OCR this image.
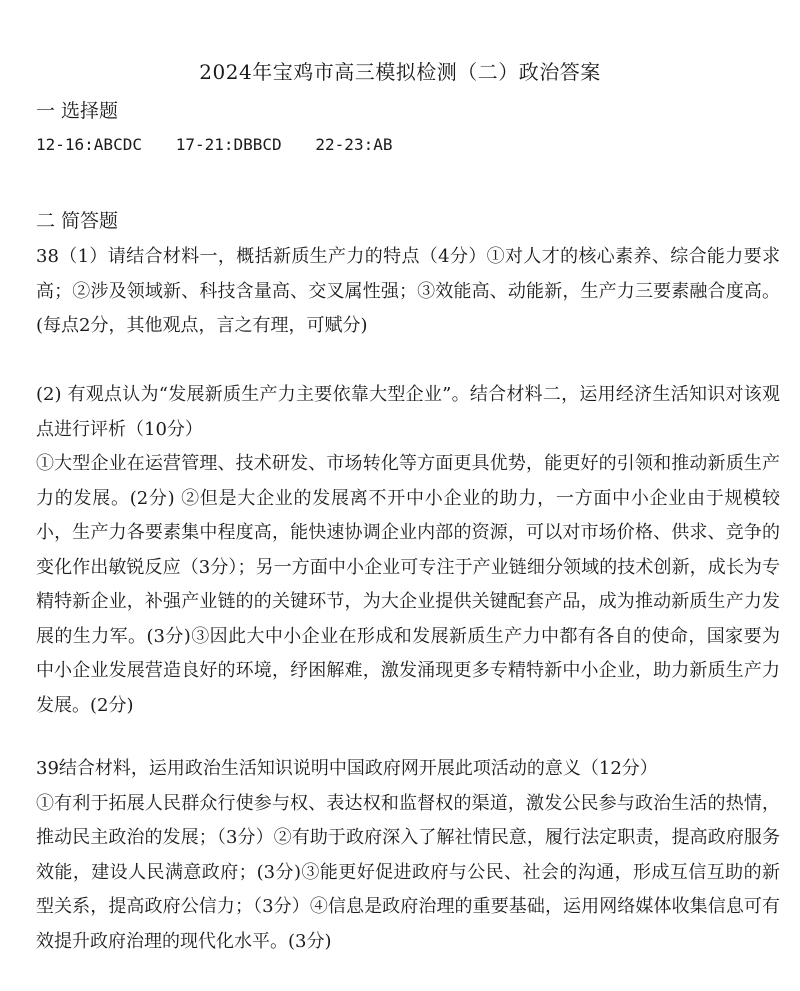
2024年宝鸡市高三模拟检测（二）政治答案
一 选择题
12-16:ABCDC 17-21:DBBCD 22-23:AB
二 简答题

38（1）请结合材料一，概括新质生产力的特点（4分）①对人才的核心素养、综合能力要求高；②涉及领域新、科技含量高、交叉属性强；③效能高、动能新，生产力三要素融合度高。(每点2分，其他观点，言之有理，可赋分)

(2) 有观点认为“发展新质生产力主要依靠大型企业”。结合材料二，运用经济生活知识对该观点进行评析（10分）

①大型企业在运营管理、技术研发、市场转化等方面更具优势，能更好的引领和推动新质生产力的发展。(2分) ②但是大企业的发展离不开中小企业的助力，一方面中小企业由于规模较小，生产力各要素集中程度高，能快速协调企业内部的资源，可以对市场价格、供求、竞争的变化作出敏锐反应（3分）；另一方面中小企业可专注于产业链细分领域的技术创新，成长为专精特新企业，补强产业链的的关键环节，为大企业提供关键配套产品，成为推动新质生产力发展的生力军。(3分)③因此大中小企业在形成和发展新质生产力中都有各自的使命，国家要为中小企业发展营造良好的环境，纾困解难，激发涌现更多专精特新中小企业，助力新质生产力发展。(2分)

39结合材料，运用政治生活知识说明中国政府网开展此项活动的意义（12分）

①有利于拓展人民群众行使参与权、表达权和监督权的渠道，激发公民参与政治生活的热情，推动民主政治的发展；（3分）②有助于政府深入了解社情民意，履行法定职责，提高政府服务效能，建设人民满意政府；(3分)③能更好促进政府与公民、社会的沟通，形成互信互助的新型关系，提高政府公信力；（3分）④信息是政府治理的重要基础，运用网络媒体收集信息可有效提升政府治理的现代化水平。(3分)
